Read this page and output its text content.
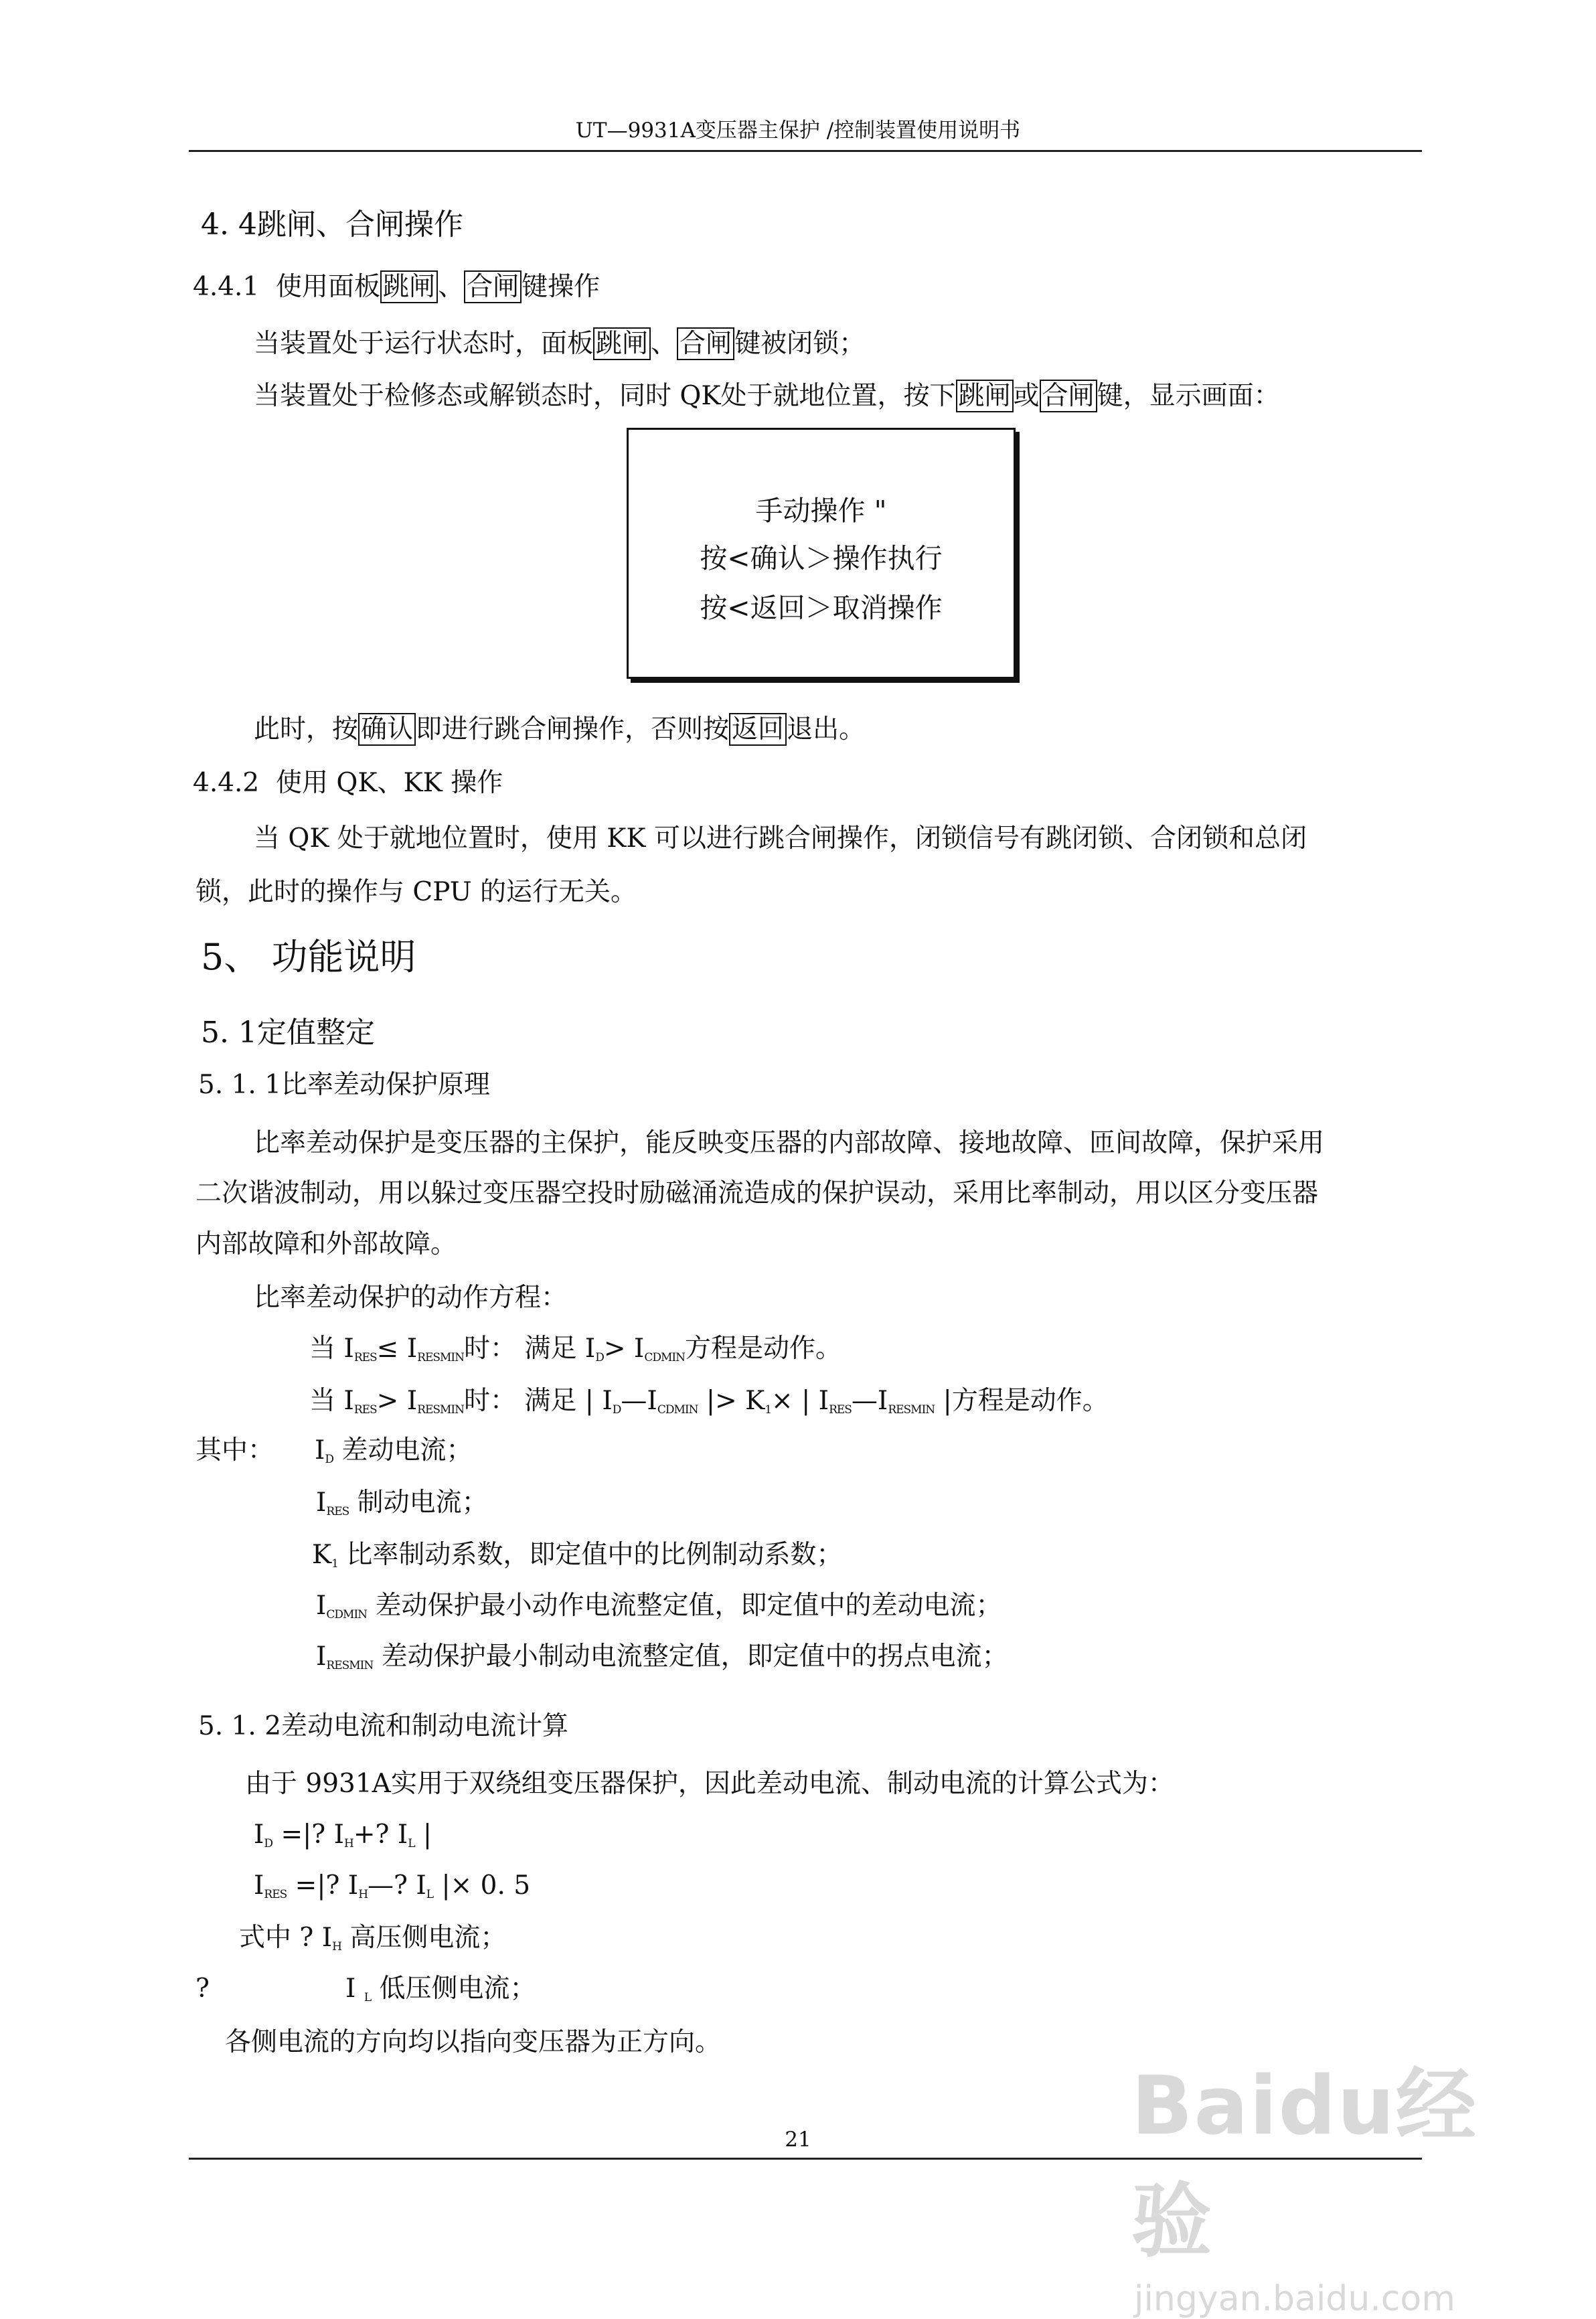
UT—9931A变压器主保护 /控制装置使用说明书
4. 4跳闸、合闸操作
4.4.1 使用面板 跳闸 、 合闸 键操作
当装置处于运行状态时，面板 跳闸 、 合闸 键被闭锁；
当装置处于检修态或解锁态时，同时 QK处于就地位置，按下 跳闸 或 合闸 键，显示画面：
手动操作 "
按<确认＞操作执行
按<返回＞取消操作
此时，按 确认 即进行跳合闸操作，否则按 返回 退出。
4.4.2 使用 QK、KK 操作
当 QK 处于就地位置时，使用 KK 可以进行跳合闸操作，闭锁信号有跳闭锁、合闭锁和总闭
锁，此时的操作与 CPU 的运行无关。
5、 功能说明
5. 1定值整定
5. 1. 1比率差动保护原理
比率差动保护是变压器的主保护，能反映变压器的内部故障、接地故障、匝间故障，保护采用
二次谐波制动，用以躲过变压器空投时励磁涌流造成的保护误动，采用比率制动，用以区分变压器
内部故障和外部故障。
比率差动保护的动作方程：
当 $I_{RES}\le I_{RESMIN}$时： 满足 $I_D> I_{CDMIN}$方程是动作。
当 $I_{RES}> I_{RESMIN}$时： 满足 | $I_D—I_{CDMIN}$ |> $K_1\times$ | $I_{RES}—I_{RESMIN}$ |方程是动作。
其中： $I_D$ 差动电流；
$I_{RES}$ 制动电流；
$K_1$ 比率制动系数，即定值中的比例制动系数；
$I_{CDMIN}$ 差动保护最小动作电流整定值，即定值中的差动电流；
$I_{RESMIN}$ 差动保护最小制动电流整定值，即定值中的拐点电流；
5. 1. 2差动电流和制动电流计算
由于 9931A实用于双绕组变压器保护，因此差动电流、制动电流的计算公式为：
$I_D$ =|? $I_H+$? $I_L$ |
$I_{RES}$ =|? $I_H—$? $I_L$ |× 0. 5
式中 ? $I_H$ 高压侧电流；
?	I $_L$ 低压侧电流；
各侧电流的方向均以指向变压器为正方向。
21	Baidu经验
jingyan.baidu.com
